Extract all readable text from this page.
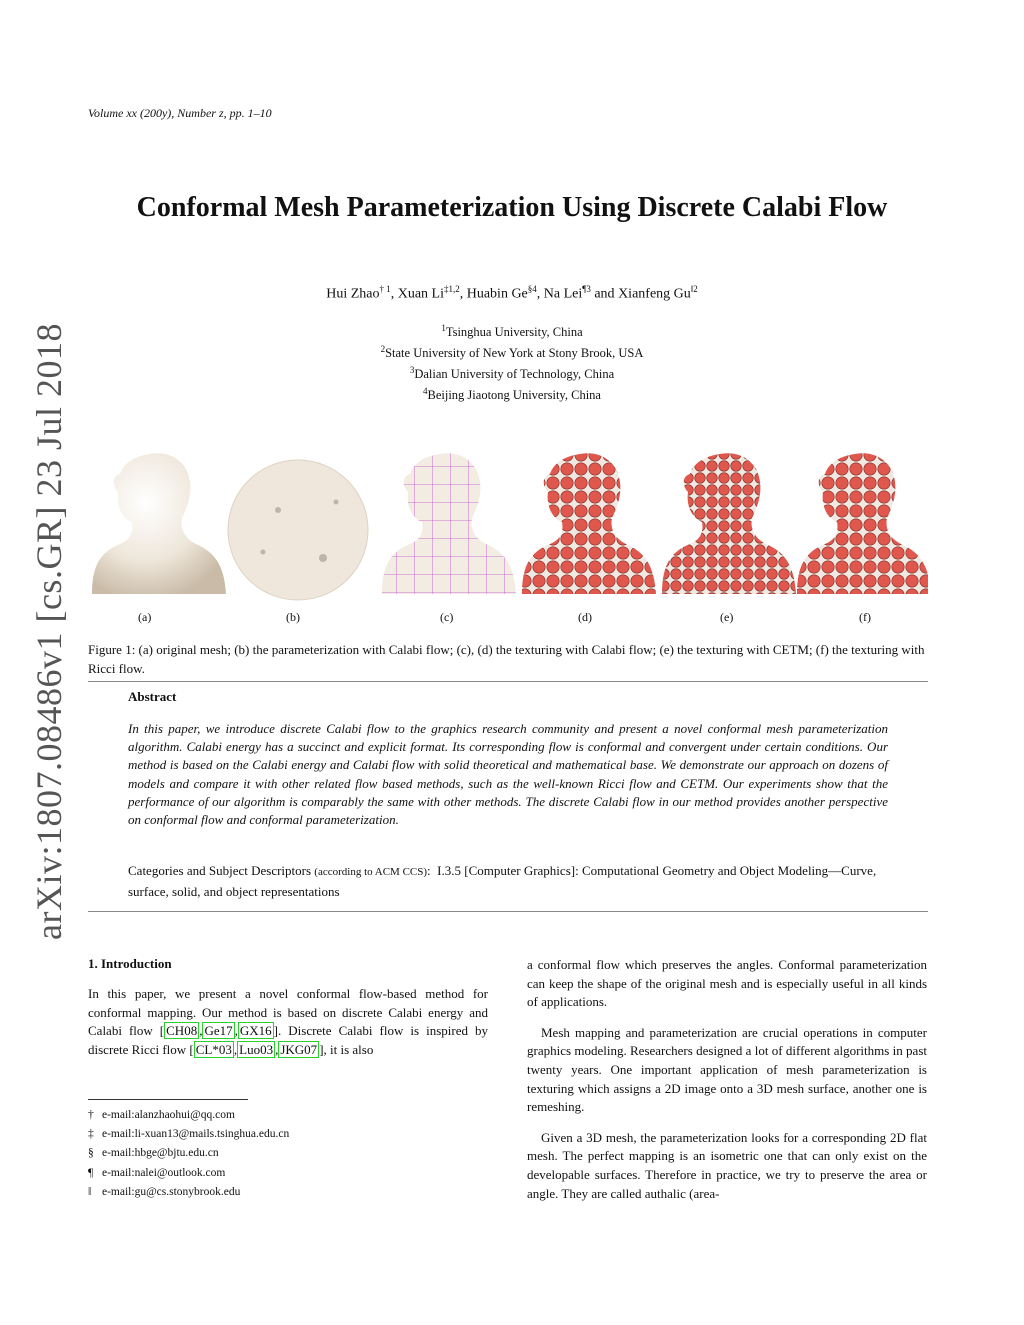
Volume xx (200y), Number z, pp. 1–10
arXiv:1807.08486v1 [cs.GR] 23 Jul 2018
Conformal Mesh Parameterization Using Discrete Calabi Flow
Hui Zhao$^{\dagger 1}$, Xuan Li$^{\ddagger 1,2}$, Huabin Ge$^{\S 4}$, Na Lei$^{\P 3}$ and Xianfeng $Gu^{‖2}$
$^1$Tsinghua University, China
$^2$State University of New York at Stony Brook, USA
$^3$Dalian University of Technology, China
$^4$Beijing Jiaotong University, China
(a)	(b)	(c)	(d)	(e)	(f)
Figure 1: (a) original mesh; (b) the parameterization with Calabi flow; (c), (d) the texturing with Calabi flow; (e) the texturing with CETM; (f) the texturing with Ricci flow.
Abstract
In this paper, we introduce discrete Calabi flow to the graphics research community and present a novel conformal mesh parameterization algorithm. Calabi energy has a succinct and explicit format. Its corresponding flow is conformal and convergent under certain conditions. Our method is based on the Calabi energy and Calabi flow with solid theoretical and mathematical base. We demonstrate our approach on dozens of models and compare it with other related flow based methods, such as the well-known Ricci flow and CETM. Our experiments show that the performance of our algorithm is comparably the same with other methods. The discrete Calabi flow in our method provides another perspective on conformal flow and conformal parameterization.
Categories and Subject Descriptors (according to ACM CCS):  I.3.5 [Computer Graphics]: Computational Geometry and Object Modeling—Curve, surface, solid, and object representations
1. Introduction

In this paper, we present a novel conformal flow-based method for conformal mapping. Our method is based on discrete Calabi energy and Calabi flow [ CH08 , Ge17 , GX16 ]. Discrete Calabi flow is inspired by discrete Ricci flow [ CL*03 , Luo03 , JKG07 ], it is also

a conformal flow which preserves the angles. Conformal parameterization can keep the shape of the original mesh and is especially useful in all kinds of applications.

Mesh mapping and parameterization are crucial operations in computer graphics modeling. Researchers designed a lot of different algorithms in past twenty years. One important application of mesh parameterization is texturing which assigns a 2D image onto a 3D mesh surface, another one is remeshing.

Given a 3D mesh, the parameterization looks for a corresponding 2D flat mesh. The perfect mapping is an isometric one that can only exist on the developable surfaces. Therefore in practice, we try to preserve the area or angle. They are called authalic (area-

† e-mail:alanzhaohui@qq.com
‡ e-mail:li-xuan13@mails.tsinghua.edu.cn
§ e-mail:hbge@bjtu.edu.cn
¶ e-mail:nalei@outlook.com
‖ e-mail:gu@cs.stonybrook.edu
